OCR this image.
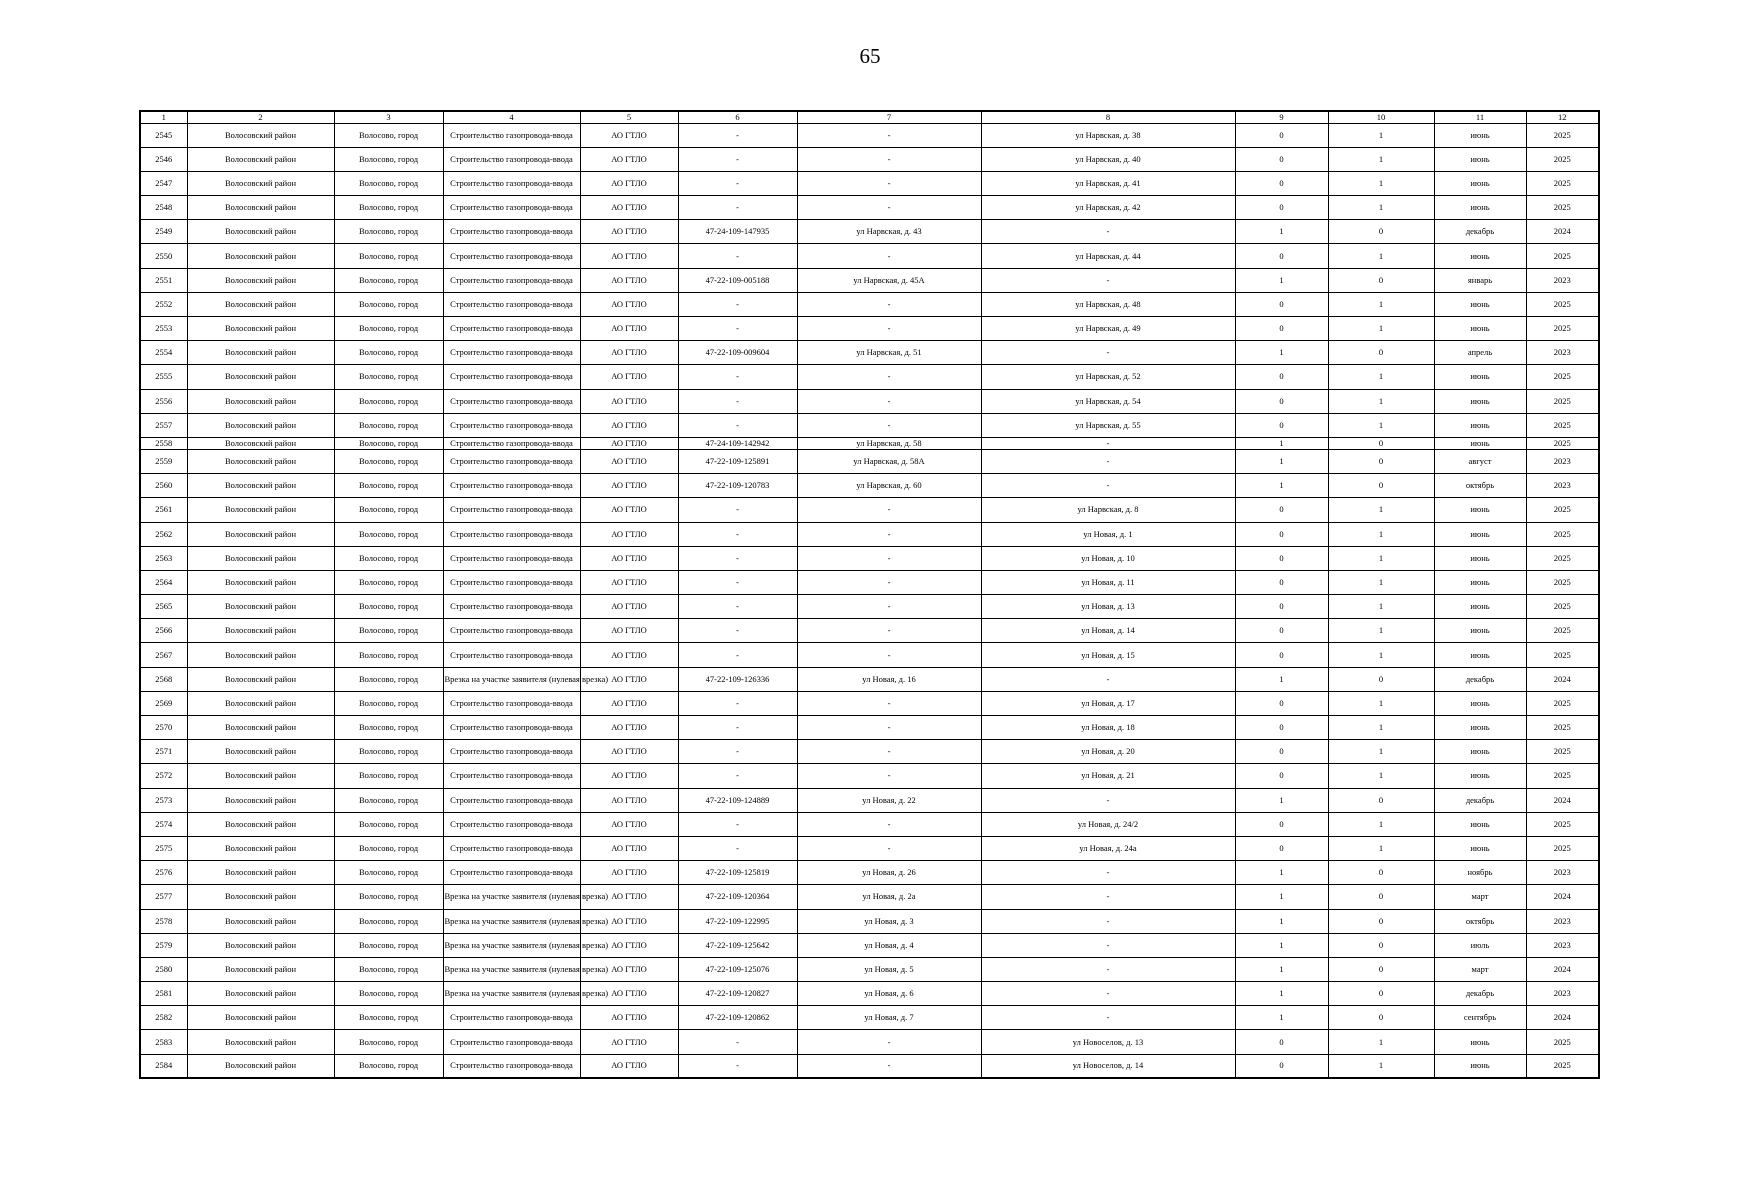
65
1	2	3	4	5	6	7	8	9	10	11	12
2545	Волосовский район	Волосово, город	Строительство газопровода-ввода	АО ГТЛО	-	-	ул Нарвская, д. 38	0	1	июнь	2025
2546	Волосовский район	Волосово, город	Строительство газопровода-ввода	АО ГТЛО	-	-	ул Нарвская, д. 40	0	1	июнь	2025
2547	Волосовский район	Волосово, город	Строительство газопровода-ввода	АО ГТЛО	-	-	ул Нарвская, д. 41	0	1	июнь	2025
2548	Волосовский район	Волосово, город	Строительство газопровода-ввода	АО ГТЛО	-	-	ул Нарвская, д. 42	0	1	июнь	2025
2549	Волосовский район	Волосово, город	Строительство газопровода-ввода	АО ГТЛО	47-24-109-147935	ул Нарвская, д. 43	-	1	0	декабрь	2024
2550	Волосовский район	Волосово, город	Строительство газопровода-ввода	АО ГТЛО	-	-	ул Нарвская, д. 44	0	1	июнь	2025
2551	Волосовский район	Волосово, город	Строительство газопровода-ввода	АО ГТЛО	47-22-109-005188	ул Нарвская, д. 45А	-	1	0	январь	2023
2552	Волосовский район	Волосово, город	Строительство газопровода-ввода	АО ГТЛО	-	-	ул Нарвская, д. 48	0	1	июнь	2025
2553	Волосовский район	Волосово, город	Строительство газопровода-ввода	АО ГТЛО	-	-	ул Нарвская, д. 49	0	1	июнь	2025
2554	Волосовский район	Волосово, город	Строительство газопровода-ввода	АО ГТЛО	47-22-109-009604	ул Нарвская, д. 51	-	1	0	апрель	2023
2555	Волосовский район	Волосово, город	Строительство газопровода-ввода	АО ГТЛО	-	-	ул Нарвская, д. 52	0	1	июнь	2025
2556	Волосовский район	Волосово, город	Строительство газопровода-ввода	АО ГТЛО	-	-	ул Нарвская, д. 54	0	1	июнь	2025
2557	Волосовский район	Волосово, город	Строительство газопровода-ввода	АО ГТЛО	-	-	ул Нарвская, д. 55	0	1	июнь	2025
2558	Волосовский район	Волосово, город	Строительство газопровода-ввода	АО ГТЛО	47-24-109-142942	ул Нарвская, д. 58	-	1	0	июнь	2025
2559	Волосовский район	Волосово, город	Строительство газопровода-ввода	АО ГТЛО	47-22-109-125891	ул Нарвская, д. 58А	-	1	0	август	2023
2560	Волосовский район	Волосово, город	Строительство газопровода-ввода	АО ГТЛО	47-22-109-120783	ул Нарвская, д. 60	-	1	0	октябрь	2023
2561	Волосовский район	Волосово, город	Строительство газопровода-ввода	АО ГТЛО	-	-	ул Нарвская, д. 8	0	1	июнь	2025
2562	Волосовский район	Волосово, город	Строительство газопровода-ввода	АО ГТЛО	-	-	ул Новая, д. 1	0	1	июнь	2025
2563	Волосовский район	Волосово, город	Строительство газопровода-ввода	АО ГТЛО	-	-	ул Новая, д. 10	0	1	июнь	2025
2564	Волосовский район	Волосово, город	Строительство газопровода-ввода	АО ГТЛО	-	-	ул Новая, д. 11	0	1	июнь	2025
2565	Волосовский район	Волосово, город	Строительство газопровода-ввода	АО ГТЛО	-	-	ул Новая, д. 13	0	1	июнь	2025
2566	Волосовский район	Волосово, город	Строительство газопровода-ввода	АО ГТЛО	-	-	ул Новая, д. 14	0	1	июнь	2025
2567	Волосовский район	Волосово, город	Строительство газопровода-ввода	АО ГТЛО	-	-	ул Новая, д. 15	0	1	июнь	2025
2568	Волосовский район	Волосово, город	Врезка на участке заявителя (нулевая врезка)	АО ГТЛО	47-22-109-126336	ул Новая, д. 16	-	1	0	декабрь	2024
2569	Волосовский район	Волосово, город	Строительство газопровода-ввода	АО ГТЛО	-	-	ул Новая, д. 17	0	1	июнь	2025
2570	Волосовский район	Волосово, город	Строительство газопровода-ввода	АО ГТЛО	-	-	ул Новая, д. 18	0	1	июнь	2025
2571	Волосовский район	Волосово, город	Строительство газопровода-ввода	АО ГТЛО	-	-	ул Новая, д. 20	0	1	июнь	2025
2572	Волосовский район	Волосово, город	Строительство газопровода-ввода	АО ГТЛО	-	-	ул Новая, д. 21	0	1	июнь	2025
2573	Волосовский район	Волосово, город	Строительство газопровода-ввода	АО ГТЛО	47-22-109-124889	ул Новая, д. 22	-	1	0	декабрь	2024
2574	Волосовский район	Волосово, город	Строительство газопровода-ввода	АО ГТЛО	-	-	ул Новая, д. 24/2	0	1	июнь	2025
2575	Волосовский район	Волосово, город	Строительство газопровода-ввода	АО ГТЛО	-	-	ул Новая, д. 24а	0	1	июнь	2025
2576	Волосовский район	Волосово, город	Строительство газопровода-ввода	АО ГТЛО	47-22-109-125819	ул Новая, д. 26	-	1	0	ноябрь	2023
2577	Волосовский район	Волосово, город	Врезка на участке заявителя (нулевая врезка)	АО ГТЛО	47-22-109-120364	ул Новая, д. 2а	-	1	0	март	2024
2578	Волосовский район	Волосово, город	Врезка на участке заявителя (нулевая врезка)	АО ГТЛО	47-22-109-122995	ул Новая, д. 3	-	1	0	октябрь	2023
2579	Волосовский район	Волосово, город	Врезка на участке заявителя (нулевая врезка)	АО ГТЛО	47-22-109-125642	ул Новая, д. 4	-	1	0	июль	2023
2580	Волосовский район	Волосово, город	Врезка на участке заявителя (нулевая врезка)	АО ГТЛО	47-22-109-125076	ул Новая, д. 5	-	1	0	март	2024
2581	Волосовский район	Волосово, город	Врезка на участке заявителя (нулевая врезка)	АО ГТЛО	47-22-109-120827	ул Новая, д. 6	-	1	0	декабрь	2023
2582	Волосовский район	Волосово, город	Строительство газопровода-ввода	АО ГТЛО	47-22-109-120862	ул Новая, д. 7	-	1	0	сентябрь	2024
2583	Волосовский район	Волосово, город	Строительство газопровода-ввода	АО ГТЛО	-	-	ул Новоселов, д. 13	0	1	июнь	2025
2584	Волосовский район	Волосово, город	Строительство газопровода-ввода	АО ГТЛО	-	-	ул Новоселов, д. 14	0	1	июнь	2025
